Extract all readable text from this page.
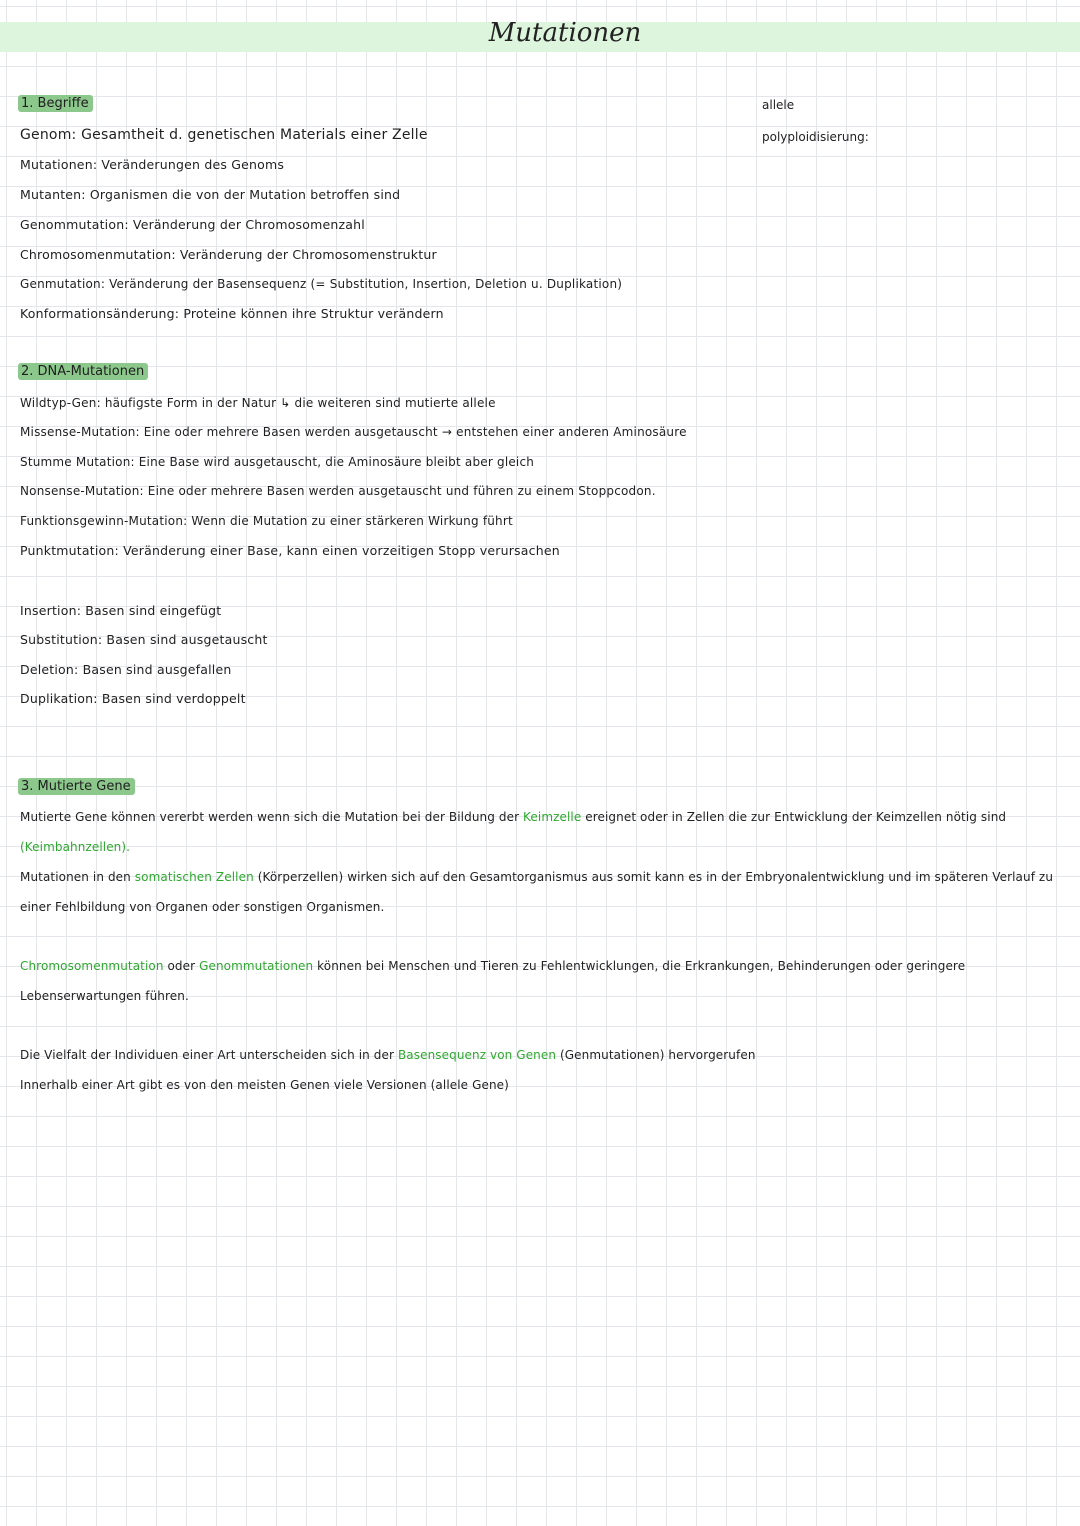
Mutationen
allele
polyploidisierung:
1. Begriffe
Genom: Gesamtheit d. genetischen Materials einer Zelle
Mutationen: Veränderungen des Genoms
Mutanten: Organismen die von der Mutation betroffen sind
Genommutation: Veränderung der Chromosomenzahl
Chromosomenmutation: Veränderung der Chromosomenstruktur
Genmutation: Veränderung der Basensequenz (= Substitution, Insertion, Deletion u. Duplikation)
Konformationsänderung: Proteine können ihre Struktur verändern
2. DNA-Mutationen
Wildtyp-Gen: häufigste Form in der Natur ↳ die weiteren sind mutierte allele
Missense-Mutation: Eine oder mehrere Basen werden ausgetauscht → entstehen einer anderen Aminosäure
Stumme Mutation: Eine Base wird ausgetauscht, die Aminosäure bleibt aber gleich
Nonsense-Mutation: Eine oder mehrere Basen werden ausgetauscht und führen zu einem Stoppcodon.
Funktionsgewinn-Mutation: Wenn die Mutation zu einer stärkeren Wirkung führt
Punktmutation: Veränderung einer Base, kann einen vorzeitigen Stopp verursachen
Insertion: Basen sind eingefügt
Substitution: Basen sind ausgetauscht
Deletion: Basen sind ausgefallen
Duplikation: Basen sind verdoppelt
3. Mutierte Gene
Mutierte Gene können vererbt werden wenn sich die Mutation bei der Bildung der Keimzelle ereignet oder in Zellen die zur Entwicklung der Keimzellen nötig sind (Keimbahnzellen).
Mutationen in den somatischen Zellen (Körperzellen) wirken sich auf den Gesamtorganismus aus somit kann es in der Embryonalentwicklung und im späteren Verlauf zu einer Fehlbildung von Organen oder sonstigen Organismen.
Chromosomenmutation oder Genommutationen können bei Menschen und Tieren zu Fehlentwicklungen, die Erkrankungen, Behinderungen oder geringere Lebenserwartungen führen.
Die Vielfalt der Individuen einer Art unterscheiden sich in der Basensequenz von Genen (Genmutationen) hervorgerufen
Innerhalb einer Art gibt es von den meisten Genen viele Versionen (allele Gene)
